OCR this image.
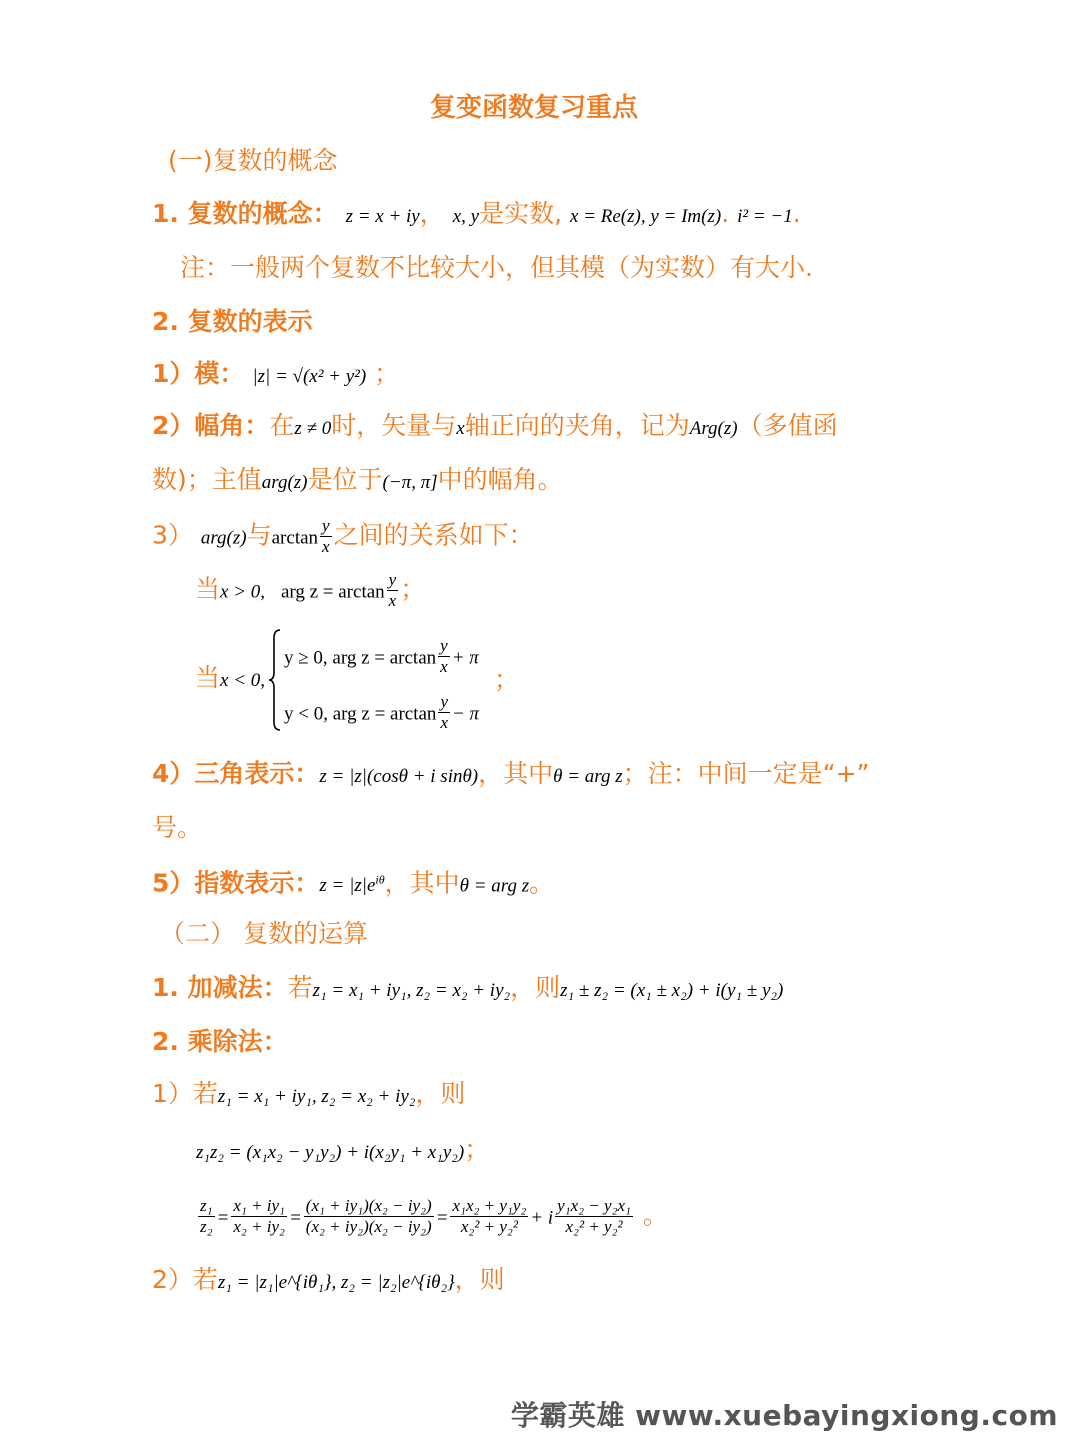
复变函数复习重点
(一)复数的概念
1. 复数的概念： z = x + iy， x, y是实数, x = Re(z), y = Im(z). i² = −1.
注：一般两个复数不比较大小，但其模（为实数）有大小.
2. 复数的表示
1）模： |z| = √(x² + y²) ；
2）幅角：在z ≠ 0时，矢量与x轴正向的夹角，记为Arg(z)（多值函
数)；主值arg(z)是位于(−π, π]中的幅角。
3） arg(z)与$\arctan \frac{y}{x}$ 之间的关系如下：
当x > 0, arg $z = \arctan \frac{y}{x}$ ；
当x < 0,
y ≥ 0, arg $z = \arctan \frac{y}{x} + \pi$
y < 0, arg $z = \arctan \frac{y}{x} - \pi$
；
4）三角表示：z = |z|(cosθ + i sinθ)，其中θ = arg z；注：中间一定是“+”
号。
5）指数表示：$z = |z|e^{i\theta}$，其中θ = arg z。
（二） 复数的运算
1. 加减法：若z₁ = x₁ + iy₁, z₂ = x₂ + iy₂，则z₁ ± z₂ = (x₁ ± x₂) + i(y₁ ± y₂)
2. 乘除法：
1）若z₁ = x₁ + iy₁, z₂ = x₂ + iy₂，则
z₁z₂ = (x₁x₂ − y₁y₂) + i(x₂y₁ + x₁y₂)；
$\frac{\text{z₁}}{\text{z₂}} = \frac{\text{x₁ + iy₁}}{\text{x₂ + iy₂}} = \frac{\text{(x₁ + iy₁)(x₂ − iy₂)}}{\text{(x₂ + iy₂)(x₂ − iy₂)}} = \frac{\text{x₁x₂ + y₁y₂}}{\text{x₂² + y₂²}} + i \frac{\text{y₁x₂ − y₂x₁}}{\text{x₂² + y₂²}}$ 。
2）若z₁ = |z₁|e^{iθ₁}, z₂ = |z₂|e^{iθ₂}，则
学霸英雄 www.xuebayingxiong.com
